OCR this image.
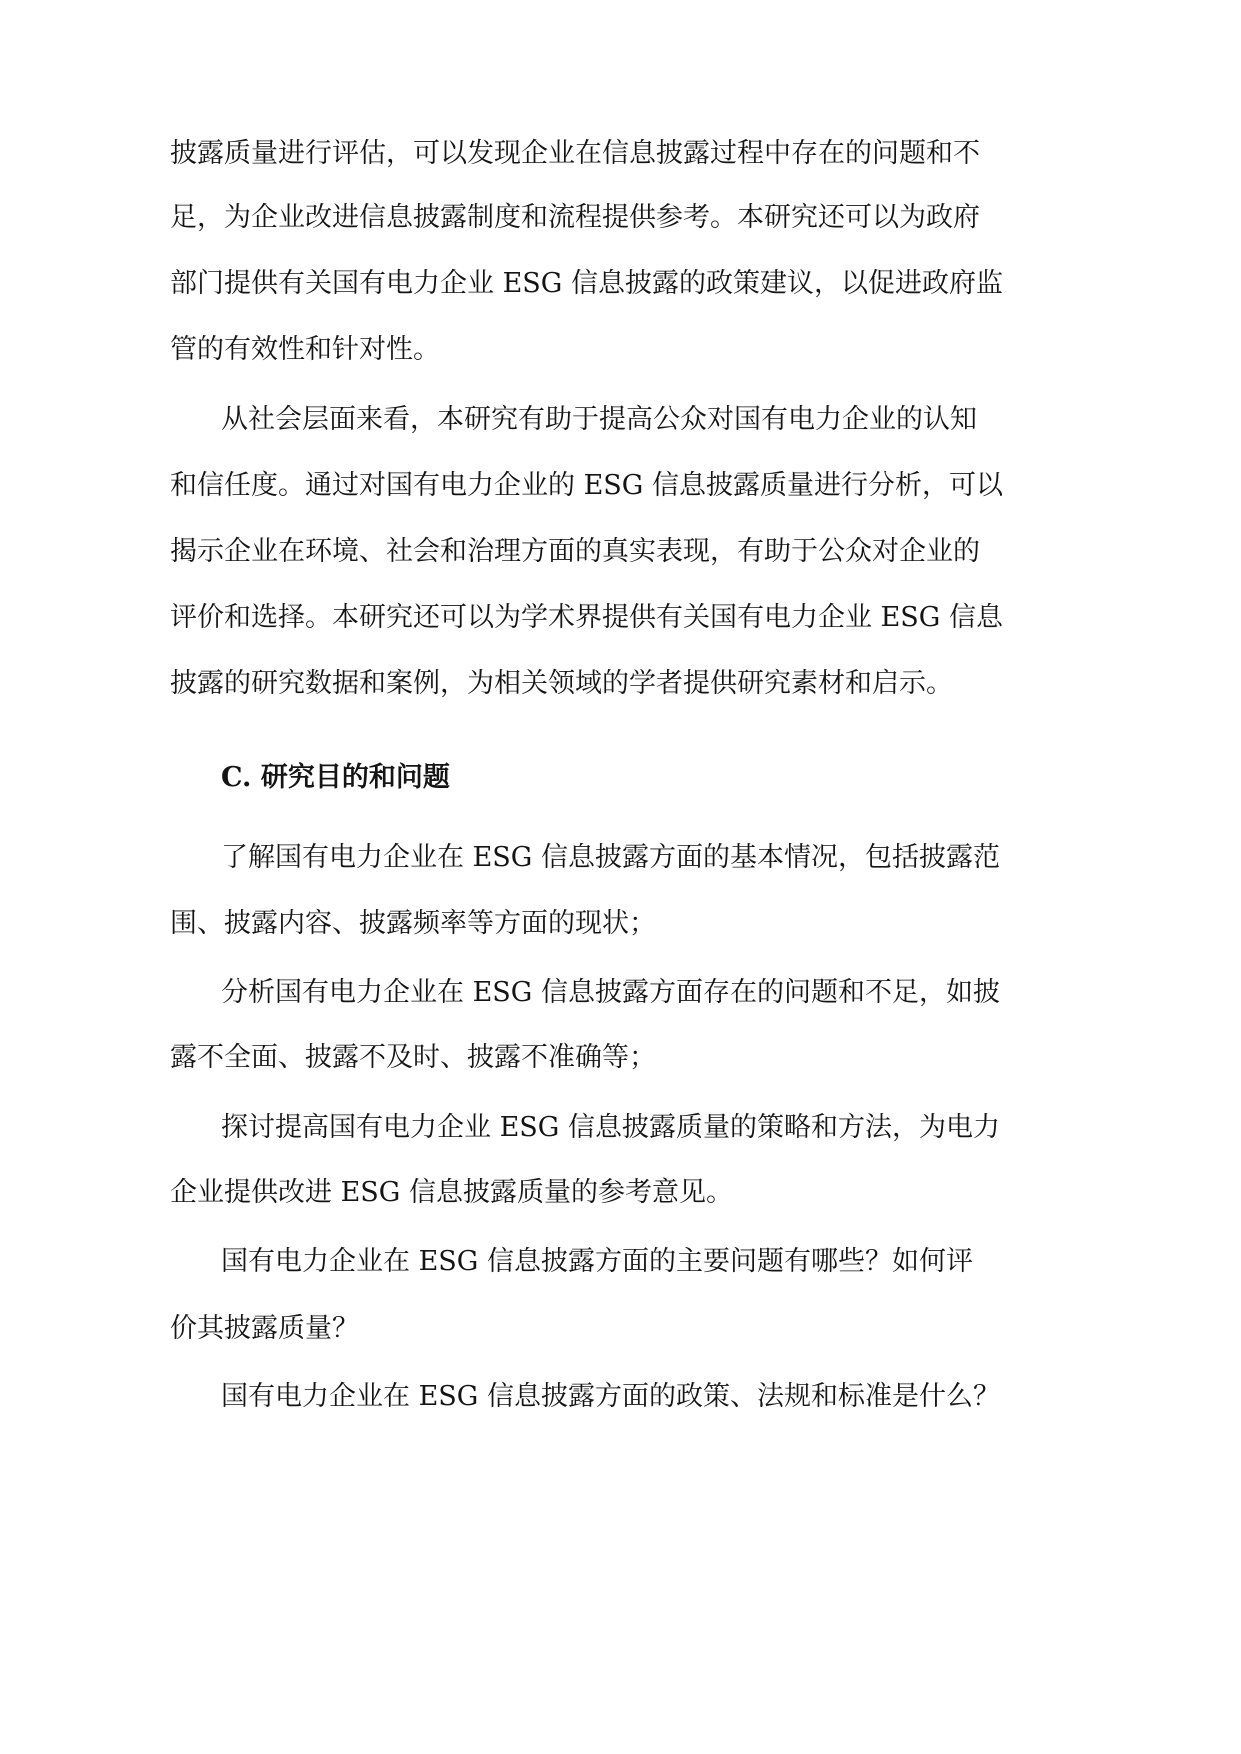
披露质量进行评估，可以发现企业在信息披露过程中存在的问题和不
足，为企业改进信息披露制度和流程提供参考。本研究还可以为政府
部门提供有关国有电力企业 ESG 信息披露的政策建议，以促进政府监
管的有效性和针对性。
从社会层面来看，本研究有助于提高公众对国有电力企业的认知
和信任度。通过对国有电力企业的 ESG 信息披露质量进行分析，可以
揭示企业在环境、社会和治理方面的真实表现，有助于公众对企业的
评价和选择。本研究还可以为学术界提供有关国有电力企业 ESG 信息
披露的研究数据和案例，为相关领域的学者提供研究素材和启示。
C. 研究目的和问题
了解国有电力企业在 ESG 信息披露方面的基本情况，包括披露范
围、披露内容、披露频率等方面的现状；
分析国有电力企业在 ESG 信息披露方面存在的问题和不足，如披
露不全面、披露不及时、披露不准确等；
探讨提高国有电力企业 ESG 信息披露质量的策略和方法，为电力
企业提供改进 ESG 信息披露质量的参考意见。
国有电力企业在 ESG 信息披露方面的主要问题有哪些？如何评
价其披露质量？
国有电力企业在 ESG 信息披露方面的政策、法规和标准是什么？
